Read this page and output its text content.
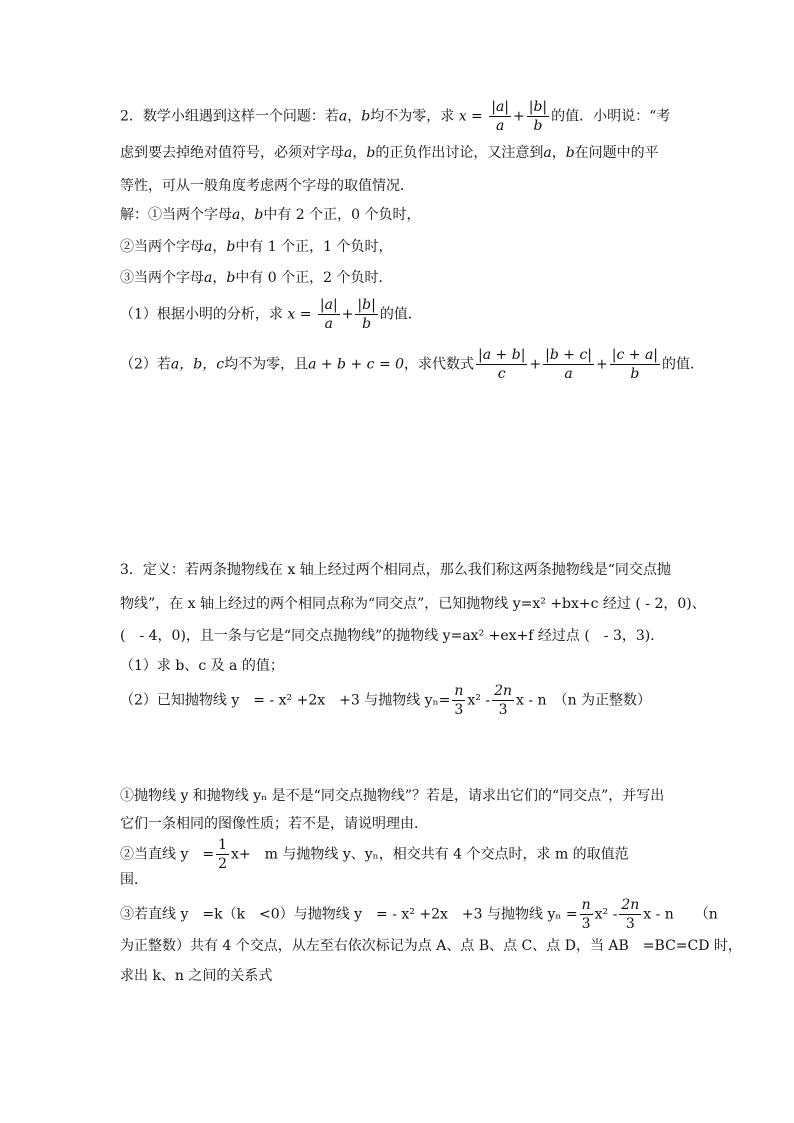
2．数学小组遇到这样一个问题：若a，b均不为零，求 $x = \frac{|a|}{a} + \frac{|b|}{b}$ 的值．小明说：“考
虑到要去掉绝对值符号，必须对字母a，b的正负作出讨论，又注意到a，b在问题中的平
等性，可从一般角度考虑两个字母的取值情况．
解：①当两个字母a，b中有 2 个正，0 个负时，
②当两个字母a，b中有 1 个正，1 个负时，
③当两个字母a，b中有 0 个正，2 个负时．
（1）根据小明的分析，求 $x = \frac{|a|}{a} + \frac{|b|}{b}$ 的值．
（2）若a，b，c均不为零，且a + b + c = 0，求代数式 $\frac{|a + b|}{c} + \frac{|b + c|}{a} + \frac{|c + a|}{b}$ 的值．
3．定义：若两条抛物线在 x 轴上经过两个相同点，那么我们称这两条抛物线是“同交点抛
物线”，在 x 轴上经过的两个相同点称为“同交点”，已知抛物线 y=x² +bx+c 经过 ( - 2，0)、
(　- 4，0)，且一条与它是“同交点抛物线”的抛物线 y=ax² +ex+f 经过点 (　- 3，3)．
（1）求 b、c 及 a 的值；
（2）已知抛物线 y　= - x² +2x　+3 与抛物线 $y_n= \frac{n}{3} x^2 - \frac{2n}{3}$ x - n　（n 为正整数）
①抛物线 y 和抛物线 yₙ 是不是“同交点抛物线”？若是，请求出它们的“同交点”，并写出
它们一条相同的图像性质；若不是，请说明理由．
②当直线 y　= $\frac{1}{2} x+$　m 与抛物线 y、yₙ，相交共有 4 个交点时，求 m 的取值范
围．
③若直线 y　=k（k　<0）与抛物线 y　= - x² +2x　+3 与抛物线 $y_n = \frac{n}{3} x^2 - \frac{2n}{3}$ x - n　　（n
为正整数）共有 4 个交点，从左至右依次标记为点 A、点 B、点 C、点 D，当 AB　=BC=CD 时，
求出 k、n 之间的关系式
